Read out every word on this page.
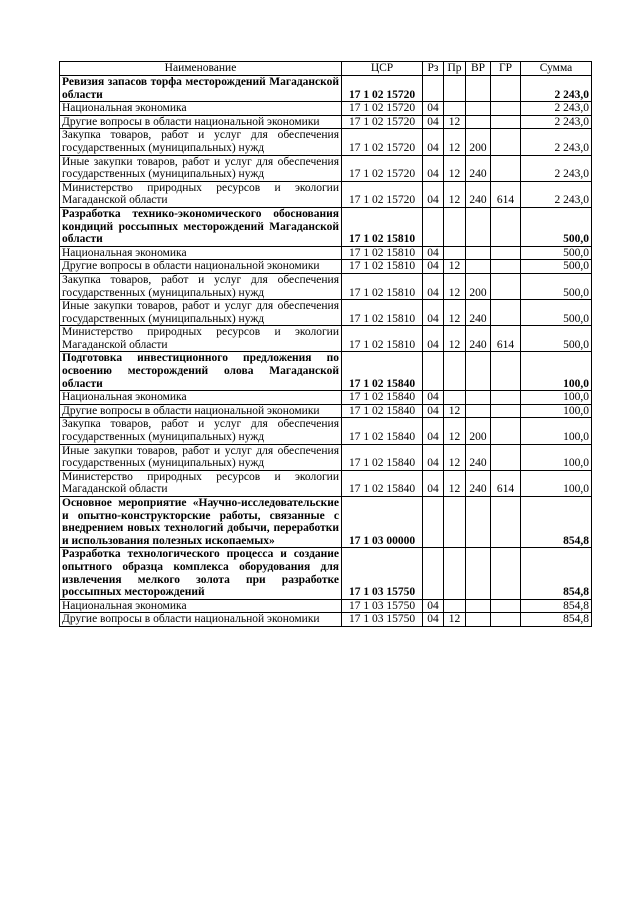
Наименование	ЦСР	Рз	Пр	ВР	ГР	Сумма
Ревизия запасов торфа месторождений Магаданской области	17 1 02 15720					2 243,0
Национальная экономика	17 1 02 15720	04				2 243,0
Другие вопросы в области национальной экономики	17 1 02 15720	04	12			2 243,0
Закупка товаров, работ и услуг для обеспечения государственных (муниципальных) нужд	17 1 02 15720	04	12	200		2 243,0
Иные закупки товаров, работ и услуг для обеспечения государственных (муниципальных) нужд	17 1 02 15720	04	12	240		2 243,0
Министерство природных ресурсов и экологии Магаданской области	17 1 02 15720	04	12	240	614	2 243,0
Разработка технико-экономического обоснования кондиций россыпных месторождений Магаданской области	17 1 02 15810					500,0
Национальная экономика	17 1 02 15810	04				500,0
Другие вопросы в области национальной экономики	17 1 02 15810	04	12			500,0
Закупка товаров, работ и услуг для обеспечения государственных (муниципальных) нужд	17 1 02 15810	04	12	200		500,0
Иные закупки товаров, работ и услуг для обеспечения государственных (муниципальных) нужд	17 1 02 15810	04	12	240		500,0
Министерство природных ресурсов и экологии Магаданской области	17 1 02 15810	04	12	240	614	500,0
Подготовка инвестиционного предложения по освоению месторождений олова Магаданской области	17 1 02 15840					100,0
Национальная экономика	17 1 02 15840	04				100,0
Другие вопросы в области национальной экономики	17 1 02 15840	04	12			100,0
Закупка товаров, работ и услуг для обеспечения государственных (муниципальных) нужд	17 1 02 15840	04	12	200		100,0
Иные закупки товаров, работ и услуг для обеспечения государственных (муниципальных) нужд	17 1 02 15840	04	12	240		100,0
Министерство природных ресурсов и экологии Магаданской области	17 1 02 15840	04	12	240	614	100,0
Основное мероприятие «Научно-исследовательские и опытно-конструкторские работы, связанные с внедрением новых технологий добычи, переработки и использования полезных ископаемых»	17 1 03 00000					854,8
Разработка технологического процесса и создание опытного образца комплекса оборудования для извлечения мелкого золота при разработке россыпных месторождений	17 1 03 15750					854,8
Национальная экономика	17 1 03 15750	04				854,8
Другие вопросы в области национальной экономики	17 1 03 15750	04	12			854,8
